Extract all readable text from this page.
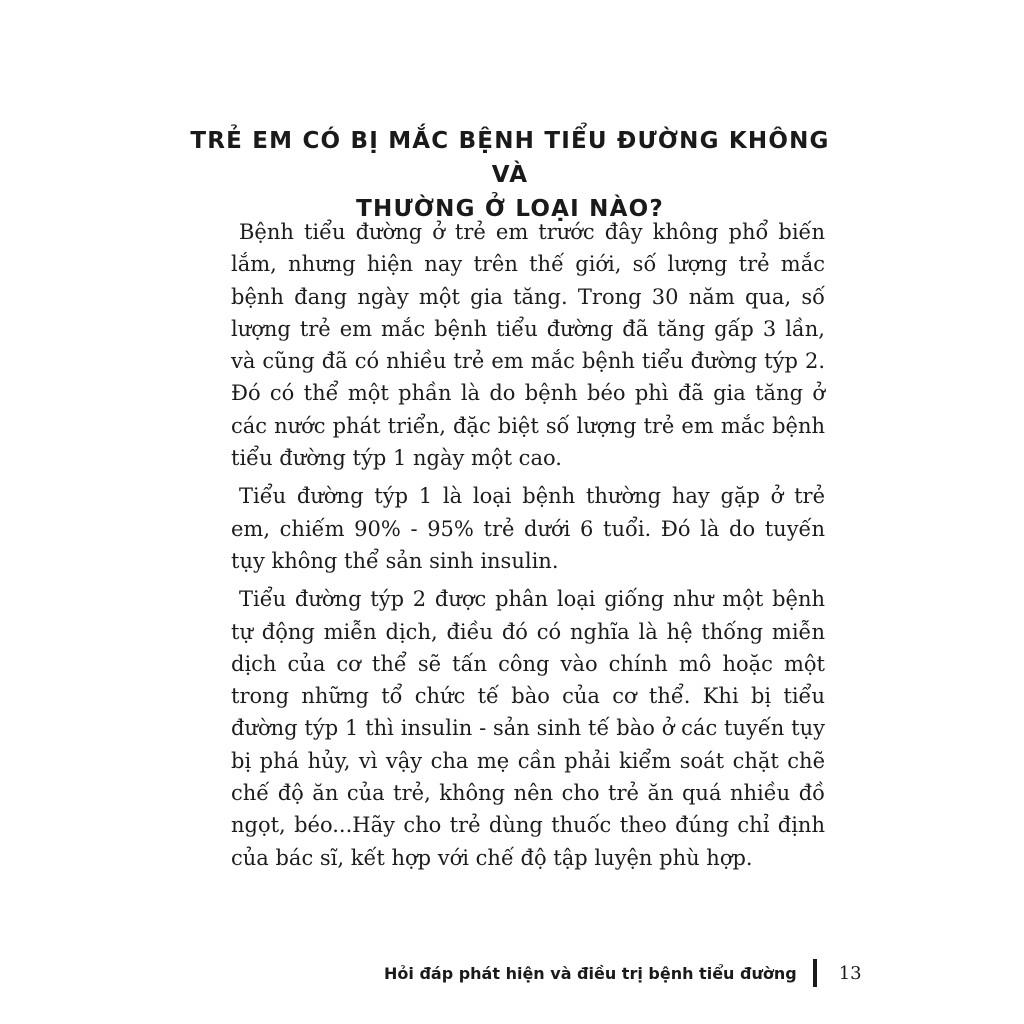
TRẺ EM CÓ BỊ MẮC BỆNH TIỂU ĐƯỜNG KHÔNG VÀ
THƯỜNG Ở LOẠI NÀO?

Bệnh tiểu đường ở trẻ em trước đây không phổ biến lắm, nhưng hiện nay trên thế giới, số lượng trẻ mắc bệnh đang ngày một gia tăng. Trong 30 năm qua, số lượng trẻ em mắc bệnh tiểu đường đã tăng gấp 3 lần, và cũng đã có nhiều trẻ em mắc bệnh tiểu đường týp 2. Đó có thể một phần là do bệnh béo phì đã gia tăng ở các nước phát triển, đặc biệt số lượng trẻ em mắc bệnh tiểu đường týp 1 ngày một cao.

Tiểu đường týp 1 là loại bệnh thường hay gặp ở trẻ em, chiếm 90% - 95% trẻ dưới 6 tuổi. Đó là do tuyến tụy không thể sản sinh insulin.

Tiểu đường týp 2 được phân loại giống như một bệnh tự động miễn dịch, điều đó có nghĩa là hệ thống miễn dịch của cơ thể sẽ tấn công vào chính mô hoặc một trong những tổ chức tế bào của cơ thể. Khi bị tiểu đường týp 1 thì insulin - sản sinh tế bào ở các tuyến tụy bị phá hủy, vì vậy cha mẹ cần phải kiểm soát chặt chẽ chế độ ăn của trẻ, không nên cho trẻ ăn quá nhiều đồ ngọt, béo...Hãy cho trẻ dùng thuốc theo đúng chỉ định của bác sĩ, kết hợp với chế độ tập luyện phù hợp.

Hỏi đáp phát hiện và điều trị bệnh tiểu đường 13
